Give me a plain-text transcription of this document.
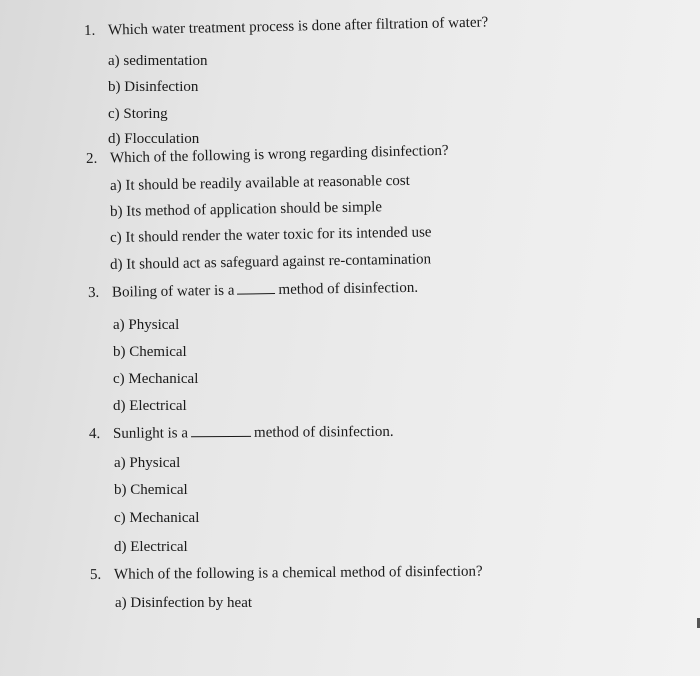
1. Which water treatment process is done after filtration of water?
a) sedimentation
b) Disinfection
c) Storing
d) Flocculation
2. Which of the following is wrong regarding disinfection?
a) It should be readily available at reasonable cost
b) Its method of application should be simple
c) It should render the water toxic for its intended use
d) It should act as safeguard against re-contamination
3. Boiling of water is a	method of disinfection.
a) Physical
b) Chemical
c) Mechanical
d) Electrical
4. Sunlight is a	method of disinfection.
a) Physical
b) Chemical
c) Mechanical
d) Electrical
5. Which of the following is a chemical method of disinfection?
a) Disinfection by heat
